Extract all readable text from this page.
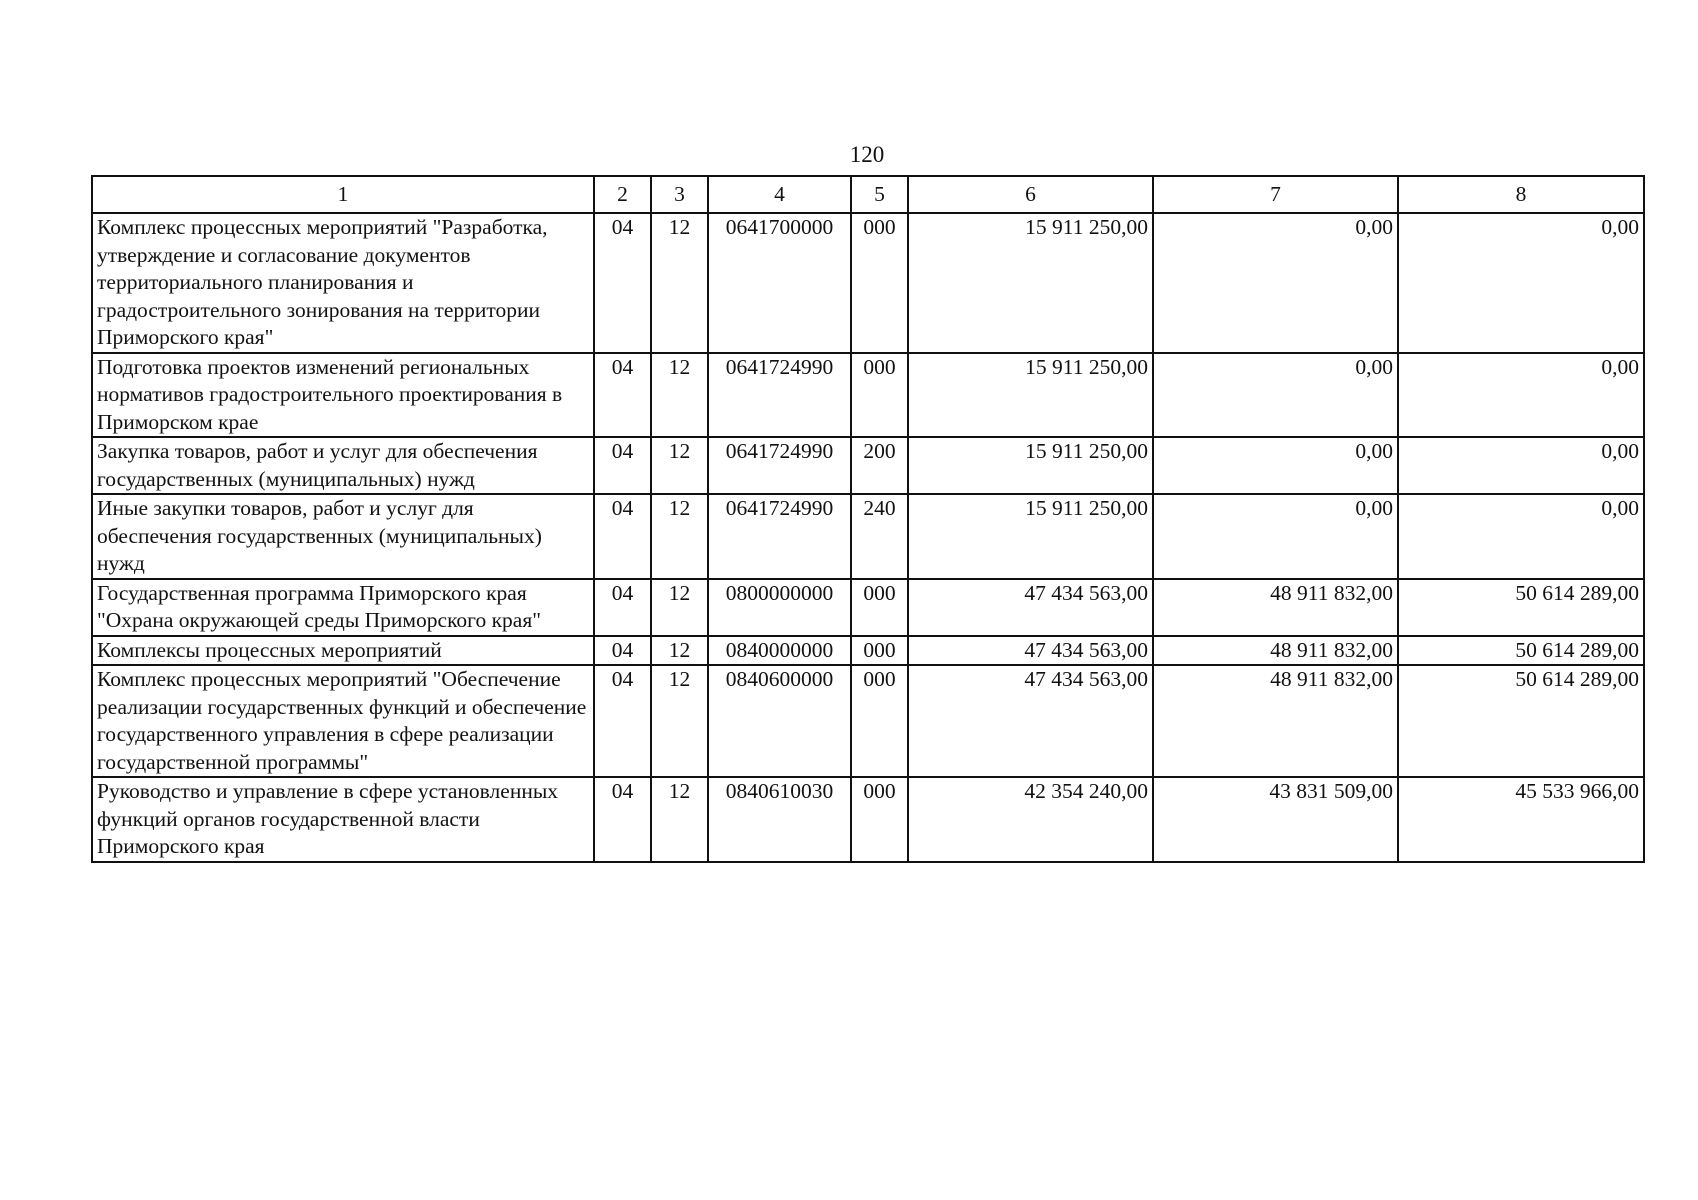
120
1	2	3	4	5	6	7	8
Комплекс процессных мероприятий "Разработка, утверждение и согласование документов территориального планирования и градостроительного зонирования на территории Приморского края"	04	12	0641700000	000	15 911 250,00	0,00	0,00
Подготовка проектов изменений региональных нормативов градостроительного проектирования в Приморском крае	04	12	0641724990	000	15 911 250,00	0,00	0,00
Закупка товаров, работ и услуг для обеспечения государственных (муниципальных) нужд	04	12	0641724990	200	15 911 250,00	0,00	0,00
Иные закупки товаров, работ и услуг для обеспечения государственных (муниципальных) нужд	04	12	0641724990	240	15 911 250,00	0,00	0,00
Государственная программа Приморского края "Охрана окружающей среды Приморского края"	04	12	0800000000	000	47 434 563,00	48 911 832,00	50 614 289,00
Комплексы процессных мероприятий	04	12	0840000000	000	47 434 563,00	48 911 832,00	50 614 289,00
Комплекс процессных мероприятий "Обеспечение реализации государственных функций и обеспечение государственного управления в сфере реализации государственной программы"	04	12	0840600000	000	47 434 563,00	48 911 832,00	50 614 289,00
Руководство и управление в сфере установленных функций органов государственной власти Приморского края	04	12	0840610030	000	42 354 240,00	43 831 509,00	45 533 966,00
